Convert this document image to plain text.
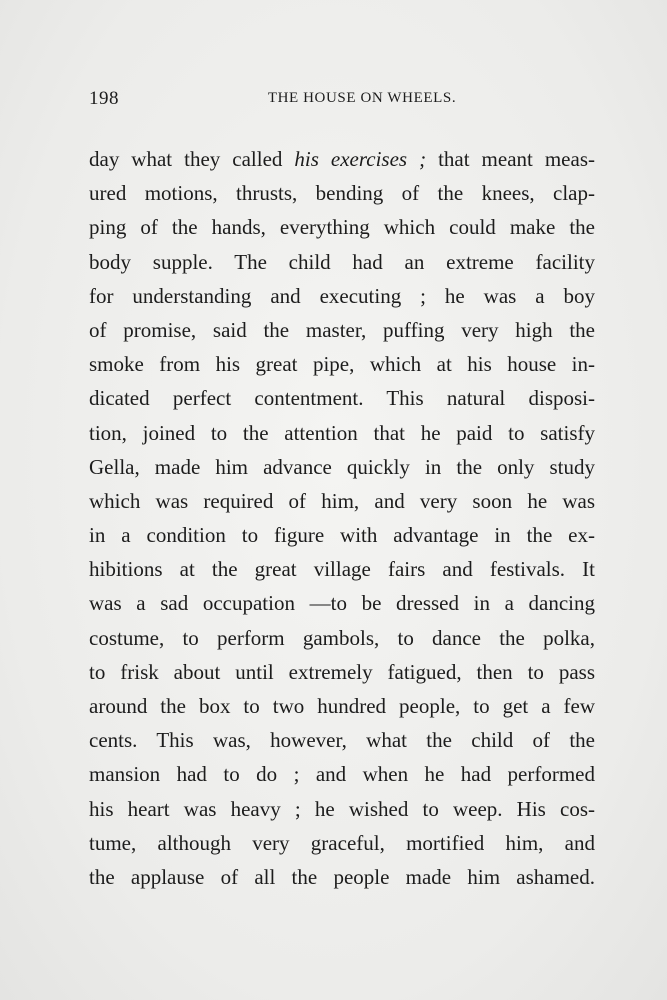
198	THE HOUSE ON WHEELS.
day what they called his exercises ; that meant meas-
ured motions, thrusts, bending of the knees, clap-
ping of the hands, everything which could make the
body supple. The child had an extreme facility
for understanding and executing ; he was a boy
of promise, said the master, puffing very high the
smoke from his great pipe, which at his house in-
dicated perfect contentment. This natural disposi-
tion, joined to the attention that he paid to satisfy
Gella, made him advance quickly in the only study
which was required of him, and very soon he was
in a condition to figure with advantage in the ex-
hibitions at the great village fairs and festivals. It
was a sad occupation —to be dressed in a dancing
costume, to perform gambols, to dance the polka,
to frisk about until extremely fatigued, then to pass
around the box to two hundred people, to get a few
cents. This was, however, what the child of the
mansion had to do ; and when he had performed
his heart was heavy ; he wished to weep. His cos-
tume, although very graceful, mortified him, and
the applause of all the people made him ashamed.
